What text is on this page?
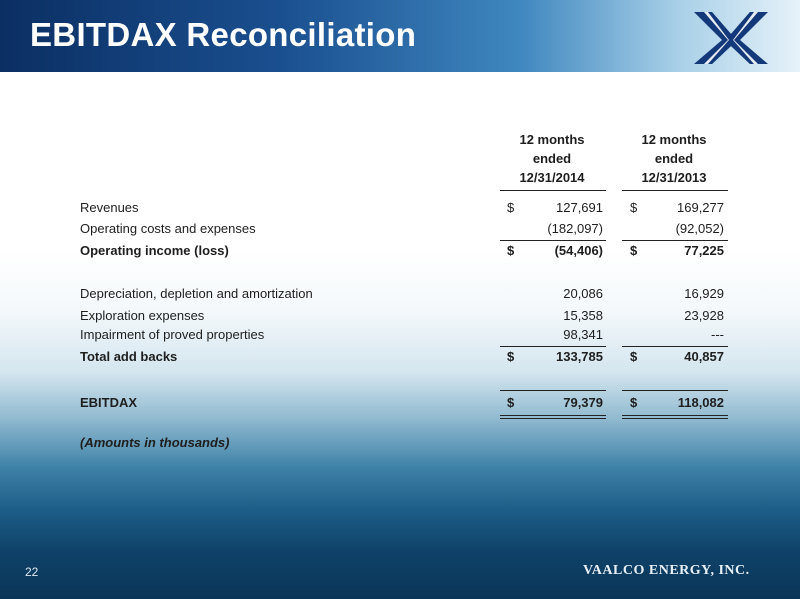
EBITDAX Reconciliation
12 months
ended
12/31/2014
12 months
ended
12/31/2013
Revenues	$	127,691 $	169,277
Operating costs and expenses	(182,097)	(92,052)
Operating income (loss)	$	(54,406) $	77,225
Depreciation, depletion and amortization	20,086	16,929
Exploration expenses	15,358	23,928
Impairment of proved properties	98,341	---
Total add backs	$	133,785 $	40,857
EBITDAX	$	79,379 $	118,082
(Amounts in thousands)
22	VAALCO ENERGY, INC.
